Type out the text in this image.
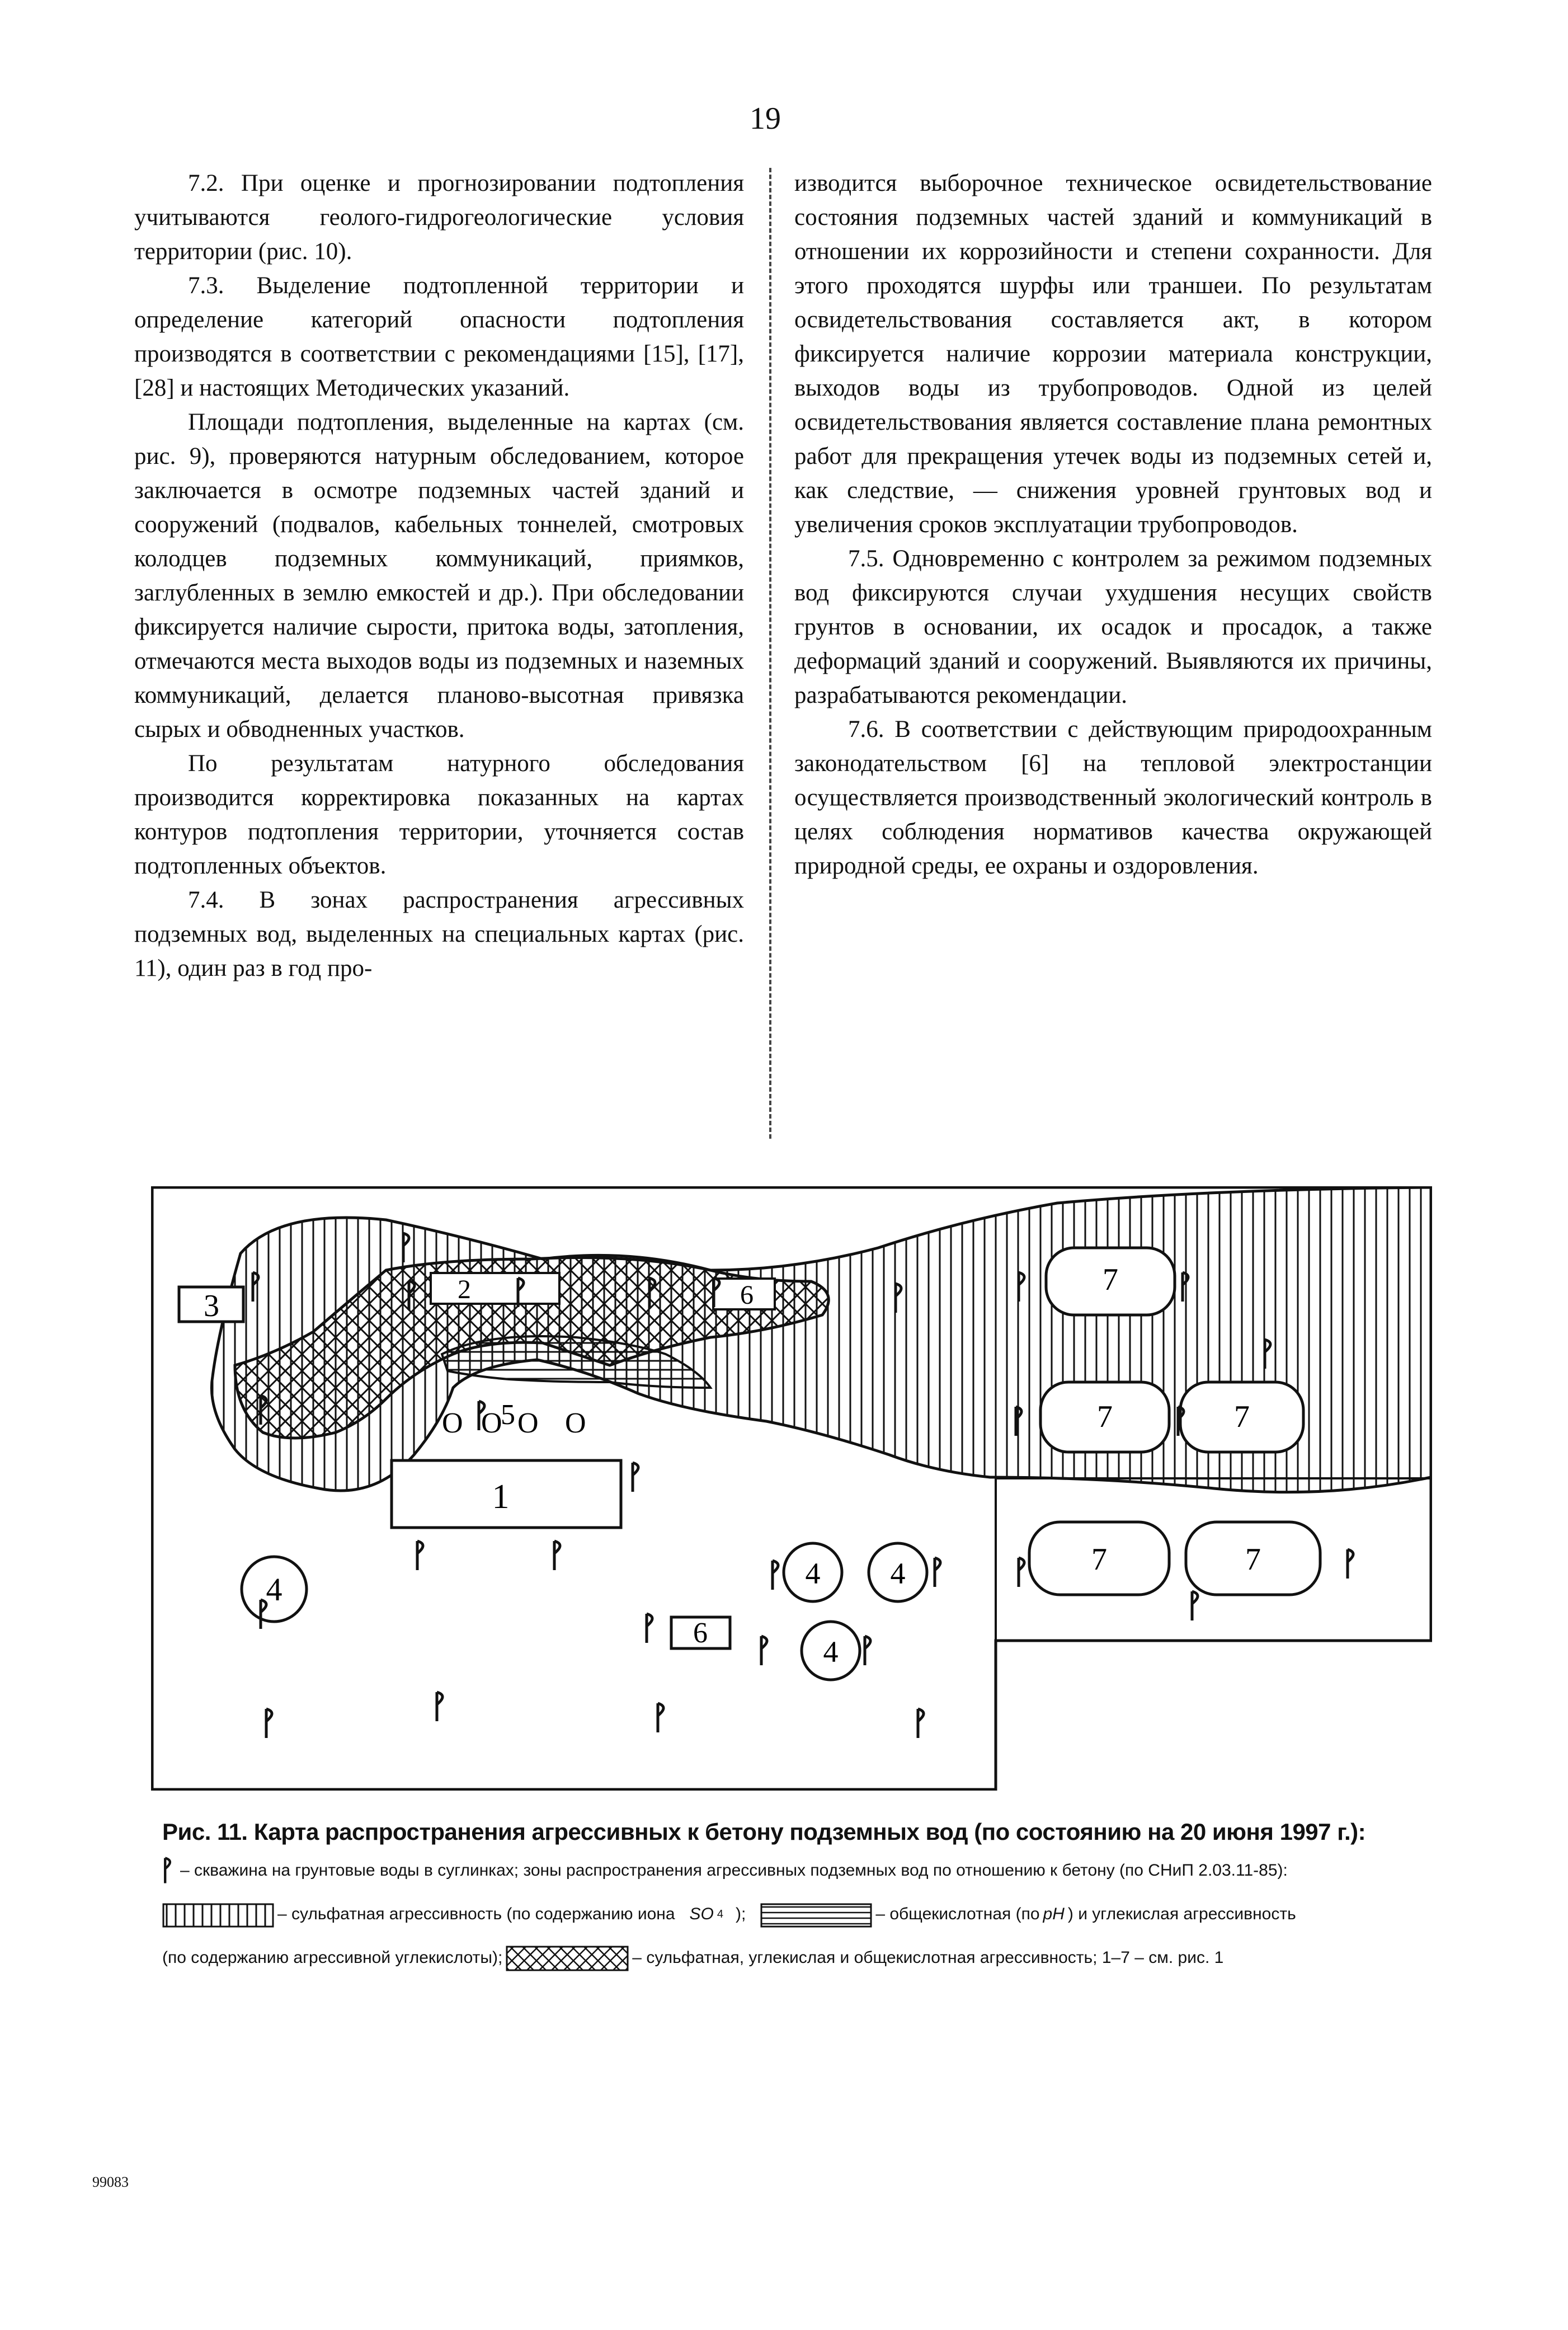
19

7.2. При оценке и прогнозировании подтопления учитываются геолого-гидрогеологические условия территории (рис. 10).

7.3. Выделение подтопленной территории и определение категорий опасности подтопления производятся в соответствии с рекомендациями [15], [17], [28] и настоящих Методических указаний.

Площади подтопления, выделенные на картах (см. рис. 9), проверяются натурным обследованием, которое заключается в осмотре подземных частей зданий и сооружений (подвалов, кабельных тоннелей, смотровых колодцев подземных коммуникаций, приямков, заглубленных в землю емкостей и др.). При обследовании фиксируется наличие сырости, притока воды, затопления, отмечаются места выходов воды из подземных и наземных коммуникаций, делается планово-высотная привязка сырых и обводненных участков.

По результатам натурного обследования производится корректировка показанных на картах контуров подтопления территории, уточняется состав подтопленных объектов.

7.4. В зонах распространения агрессивных подземных вод, выделенных на специальных картах (рис. 11), один раз в год про-

изводится выборочное техническое освидетельствование состояния подземных частей зданий и коммуникаций в отношении их коррозийности и степени сохранности. Для этого проходятся шурфы или траншеи. По результатам освидетельствования составляется акт, в котором фиксируется наличие коррозии материала конструкции, выходов воды из трубопроводов. Одной из целей освидетельствования является составление плана ремонтных работ для прекращения утечек воды из подземных сетей и, как следствие, — снижения уровней грунтовых вод и увеличения сроков эксплуатации трубопроводов.

7.5. Одновременно с контролем за режимом подземных вод фиксируются случаи ухудшения несущих свойств грунтов в основании, их осадок и просадок, а также деформаций зданий и сооружений. Выявляются их причины, разрабатываются рекомендации.

7.6. В соответствии с действующим природоохранным законодательством [6] на тепловой электростанции осуществляется производственный экологический контроль в целях соблюдения нормативов качества окружающей природной среды, ее охраны и оздоровления.

1
3	2	6
О О
5 О О
4	4 4
4
6
7
7	7
7	7
Рис. 11. Карта распространения агрессивных к бетону подземных вод (по состоянию на 20 июня 1997 г.):
– скважина на грунтовые воды в суглинках; зоны распространения агрессивных подземных вод по отношению к бетону (по СНиП 2.03.11-85):
– сульфатная агрессивность (по содержанию иона SO 4 );	– общекислотная (по pH ) и углекислая агрессивность
(по содержанию агрессивной углекислоты);	– сульфатная, углекислая и общекислотная агрессивность; 1–7 – см. рис. 1
99083
